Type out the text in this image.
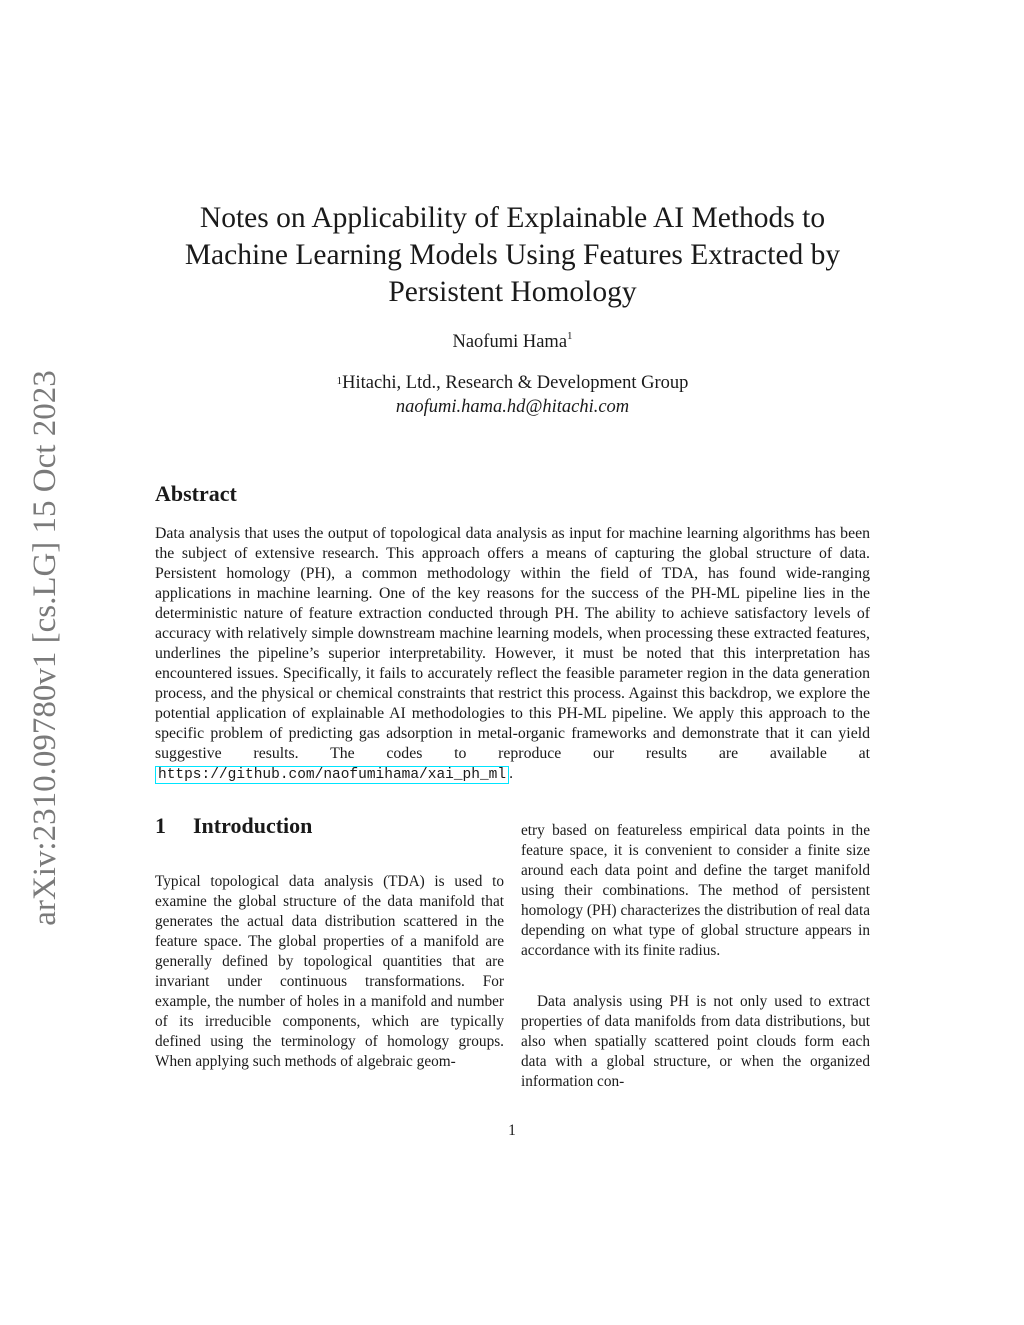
arXiv:2310.09780v1 [cs.LG] 15 Oct 2023
Notes on Applicability of Explainable AI Methods to Machine Learning Models Using Features Extracted by Persistent Homology
Naofumi Hama$^1$
$^1$Hitachi, Ltd., Research & Development Group
naofumi.hama.hd@hitachi.com
Abstract

Data analysis that uses the output of topological data analysis as input for machine learning algorithms has been the subject of extensive research. This approach offers a means of capturing the global structure of data. Persistent homology (PH), a common methodology within the field of TDA, has found wide-ranging applications in machine learning. One of the key reasons for the success of the PH-ML pipeline lies in the deterministic nature of feature extraction conducted through PH. The ability to achieve satisfactory levels of accuracy with relatively simple downstream machine learning models, when processing these extracted features, underlines the pipeline’s superior interpretability. However, it must be noted that this interpretation has encountered issues. Specifically, it fails to accurately reflect the feasible parameter region in the data generation process, and the physical or chemical constraints that restrict this process. Against this backdrop, we explore the potential application of explainable AI methodologies to this PH-ML pipeline. We apply this approach to the specific problem of predicting gas adsorption in metal-organic frameworks and demonstrate that it can yield suggestive results. The codes to reproduce our results are available at https://github.com/naofumihama/xai_ph_ml .

1 Introduction

Typical topological data analysis (TDA) is used to examine the global structure of the data manifold that generates the actual data distribution scattered in the feature space. The global properties of a manifold are generally defined by topological quantities that are invariant under continuous transformations. For example, the number of holes in a manifold and number of its irreducible components, which are typically defined using the terminology of homology groups. When applying such methods of algebraic geom-

etry based on featureless empirical data points in the feature space, it is convenient to consider a finite size around each data point and define the target manifold using their combinations. The method of persistent homology (PH) characterizes the distribution of real data depending on what type of global structure appears in accordance with its finite radius.

Data analysis using PH is not only used to extract properties of data manifolds from data distributions, but also when spatially scattered point clouds form each data with a global structure, or when the organized information con-

1
